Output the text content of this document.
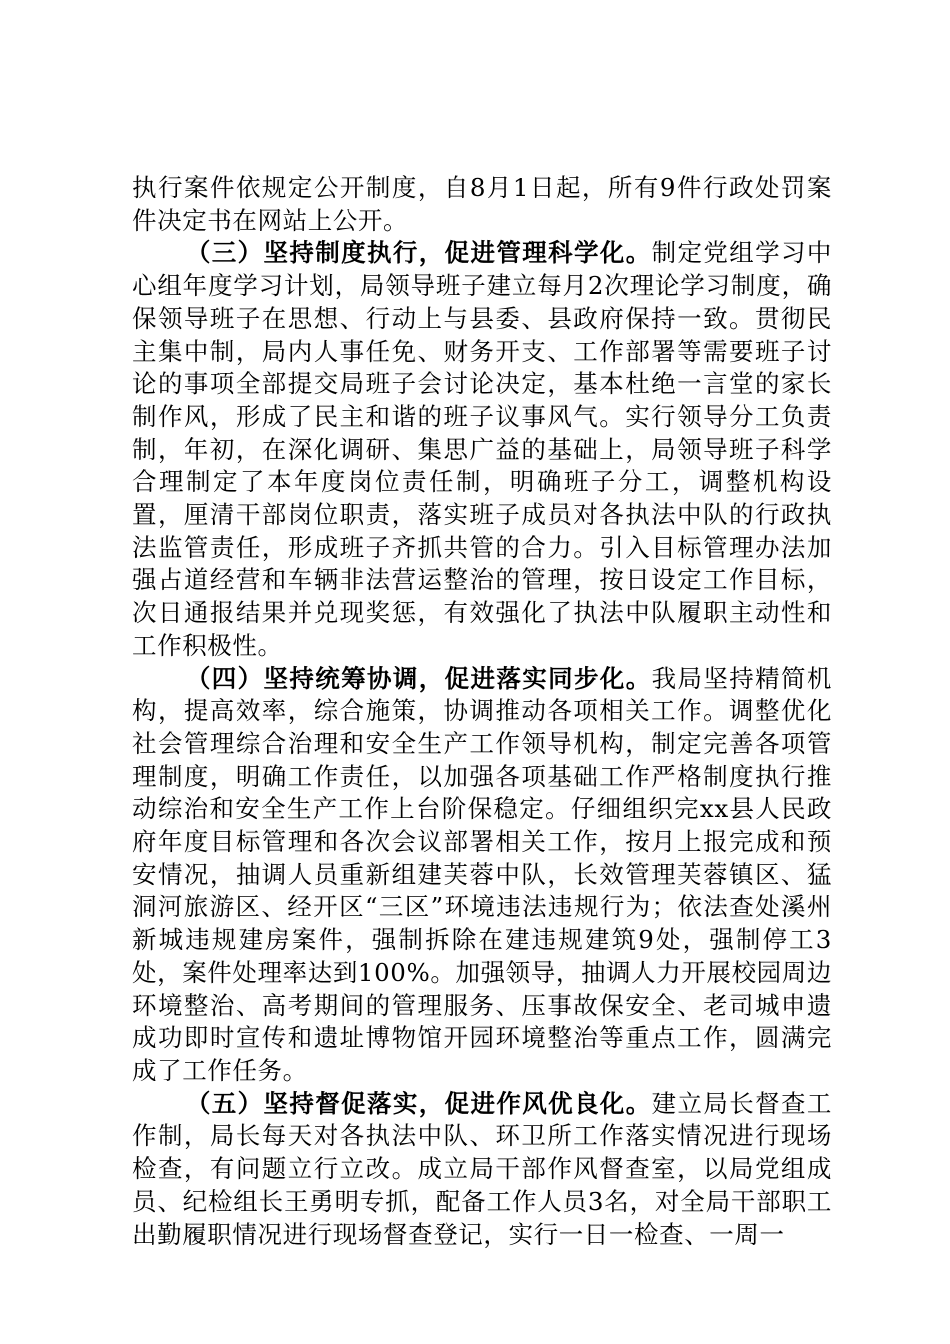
执行案件依规定公开制度，自8月1日起，所有9件行政处罚案件决定书在网站上公开。

（三）坚持制度执行，促进管理科学化。制定党组学习中心组年度学习计划，局领导班子建立每月2次理论学习制度，确保领导班子在思想、行动上与县委、县政府保持一致。贯彻民主集中制，局内人事任免、财务开支、工作部署等需要班子讨论的事项全部提交局班子会讨论决定，基本杜绝一言堂的家长制作风，形成了民主和谐的班子议事风气。实行领导分工负责制，年初，在深化调研、集思广益的基础上，局领导班子科学合理制定了本年度岗位责任制，明确班子分工，调整机构设置，厘清干部岗位职责，落实班子成员对各执法中队的行政执法监管责任，形成班子齐抓共管的合力。引入目标管理办法加强占道经营和车辆非法营运整治的管理，按日设定工作目标，次日通报结果并兑现奖惩，有效强化了执法中队履职主动性和工作积极性。

（四）坚持统筹协调，促进落实同步化。我局坚持精简机构，提高效率，综合施策，协调推动各项相关工作。调整优化社会管理综合治理和安全生产工作领导机构，制定完善各项管理制度，明确工作责任，以加强各项基础工作严格制度执行推动综治和安全生产工作上台阶保稳定。仔细组织完xx县人民政府年度目标管理和各次会议部署相关工作，按月上报完成和预安情况，抽调人员重新组建芙蓉中队，长效管理芙蓉镇区、猛洞河旅游区、经开区“三区”环境违法违规行为；依法查处溪州新城违规建房案件，强制拆除在建违规建筑9处，强制停工3处，案件处理率达到100%。加强领导，抽调人力开展校园周边环境整治、高考期间的管理服务、压事故保安全、老司城申遗成功即时宣传和遗址博物馆开园环境整治等重点工作，圆满完成了工作任务。

（五）坚持督促落实，促进作风优良化。建立局长督查工作制，局长每天对各执法中队、环卫所工作落实情况进行现场检查，有问题立行立改。成立局干部作风督查室，以局党组成员、纪检组长王勇明专抓，配备工作人员3名，对全局干部职工出勤履职情况进行现场督查登记，实行一日一检查、一周一
